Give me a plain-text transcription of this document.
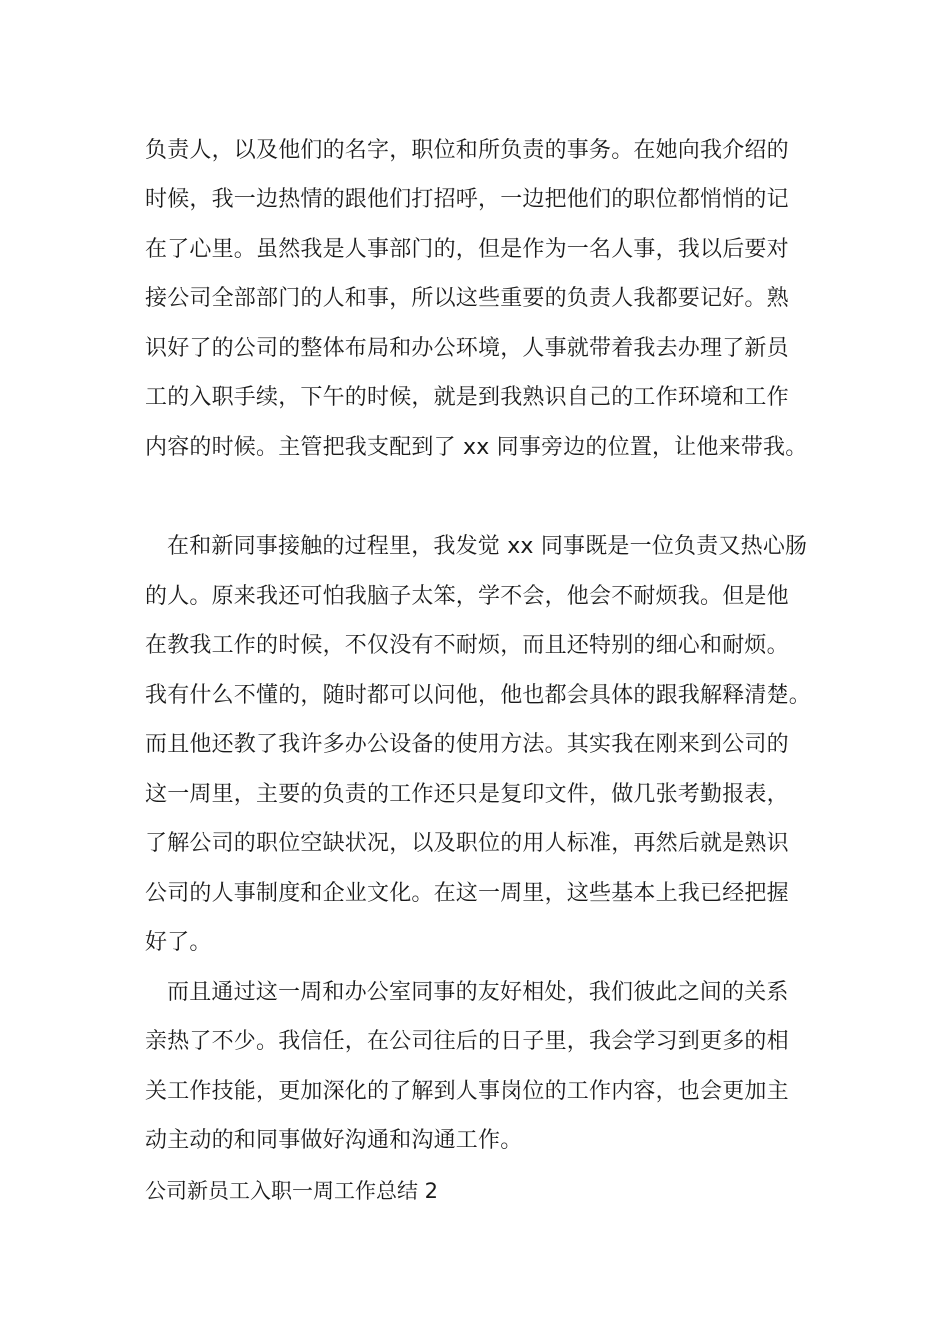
负责人，以及他们的名字，职位和所负责的事务。在她向我介绍的
时候，我一边热情的跟他们打招呼，一边把他们的职位都悄悄的记
在了心里。虽然我是人事部门的，但是作为一名人事，我以后要对
接公司全部部门的人和事，所以这些重要的负责人我都要记好。熟
识好了的公司的整体布局和办公环境，人事就带着我去办理了新员
工的入职手续，下午的时候，就是到我熟识自己的工作环境和工作
内容的时候。主管把我支配到了 xx 同事旁边的位置，让他来带我。
在和新同事接触的过程里，我发觉 xx 同事既是一位负责又热心肠
的人。原来我还可怕我脑子太笨，学不会，他会不耐烦我。但是他
在教我工作的时候，不仅没有不耐烦，而且还特别的细心和耐烦。
我有什么不懂的，随时都可以问他，他也都会具体的跟我解释清楚。
而且他还教了我许多办公设备的使用方法。其实我在刚来到公司的
这一周里，主要的负责的工作还只是复印文件，做几张考勤报表，
了解公司的职位空缺状况，以及职位的用人标准，再然后就是熟识
公司的人事制度和企业文化。在这一周里，这些基本上我已经把握
好了。
而且通过这一周和办公室同事的友好相处，我们彼此之间的关系
亲热了不少。我信任，在公司往后的日子里，我会学习到更多的相
关工作技能，更加深化的了解到人事岗位的工作内容，也会更加主
动主动的和同事做好沟通和沟通工作。
公司新员工入职一周工作总结 2
